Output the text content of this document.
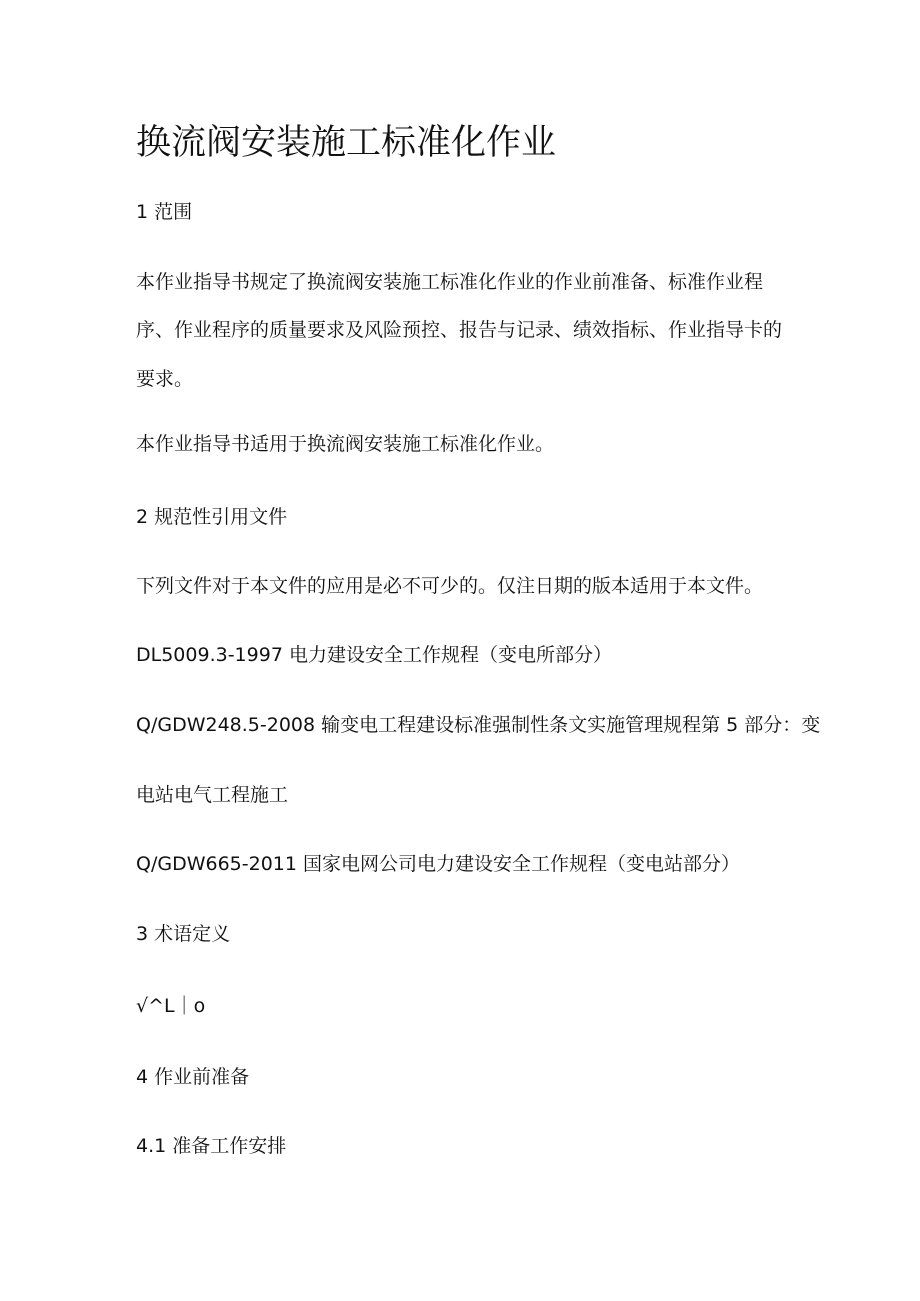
换流阀安装施工标准化作业
1 范围
本作业指导书规定了换流阀安装施工标准化作业的作业前准备、标准作业程
序、作业程序的质量要求及风险预控、报告与记录、绩效指标、作业指导卡的
要求。
本作业指导书适用于换流阀安装施工标准化作业。
2 规范性引用文件
下列文件对于本文件的应用是必不可少的。仅注日期的版本适用于本文件。
DL5009.3-1997 电力建设安全工作规程（变电所部分）
Q/GDW248.5-2008 输变电工程建设标准强制性条文实施管理规程第 5 部分：变
电站电气工程施工
Q/GDW665-2011 国家电网公司电力建设安全工作规程（变电站部分）
3 术语定义
√^L｜o
4 作业前准备
4.1 准备工作安排
